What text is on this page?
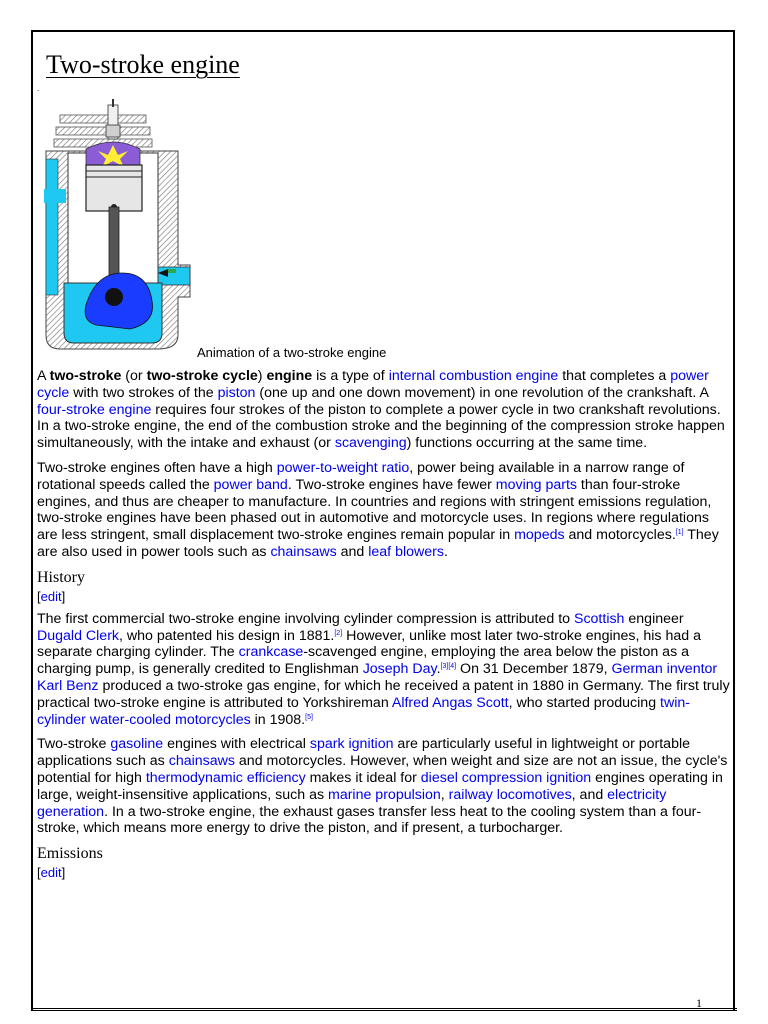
Two-stroke engine
.
Animation of a two-stroke engine

A two-stroke (or two-stroke cycle) engine is a type of internal combustion engine that completes a power cycle with two strokes of the piston (one up and one down movement) in one revolution of the crankshaft. A four-stroke engine requires four strokes of the piston to complete a power cycle in two crankshaft revolutions. In a two-stroke engine, the end of the combustion stroke and the beginning of the compression stroke happen simultaneously, with the intake and exhaust (or scavenging) functions occurring at the same time.

Two-stroke engines often have a high power-to-weight ratio, power being available in a narrow range of rotational speeds called the power band. Two-stroke engines have fewer moving parts than four-stroke engines, and thus are cheaper to manufacture. In countries and regions with stringent emissions regulation, two-stroke engines have been phased out in automotive and motorcycle uses. In regions where regulations are less stringent, small displacement two-stroke engines remain popular in mopeds and motorcycles.[1] They are also used in power tools such as chainsaws and leaf blowers.

History
[edit]

The first commercial two-stroke engine involving cylinder compression is attributed to Scottish engineer Dugald Clerk, who patented his design in 1881.[2] However, unlike most later two-stroke engines, his had a separate charging cylinder. The crankcase-scavenged engine, employing the area below the piston as a charging pump, is generally credited to Englishman Joseph Day.[3][4] On 31 December 1879, German inventor Karl Benz produced a two-stroke gas engine, for which he received a patent in 1880 in Germany. The first truly practical two-stroke engine is attributed to Yorkshireman Alfred Angas Scott, who started producing twin-cylinder water-cooled motorcycles in 1908.[5]

Two-stroke gasoline engines with electrical spark ignition are particularly useful in lightweight or portable applications such as chainsaws and motorcycles. However, when weight and size are not an issue, the cycle's potential for high thermodynamic efficiency makes it ideal for diesel compression ignition engines operating in large, weight-insensitive applications, such as marine propulsion, railway locomotives, and electricity generation. In a two-stroke engine, the exhaust gases transfer less heat to the cooling system than a four-stroke, which means more energy to drive the piston, and if present, a turbocharger.

Emissions
[edit]
1
